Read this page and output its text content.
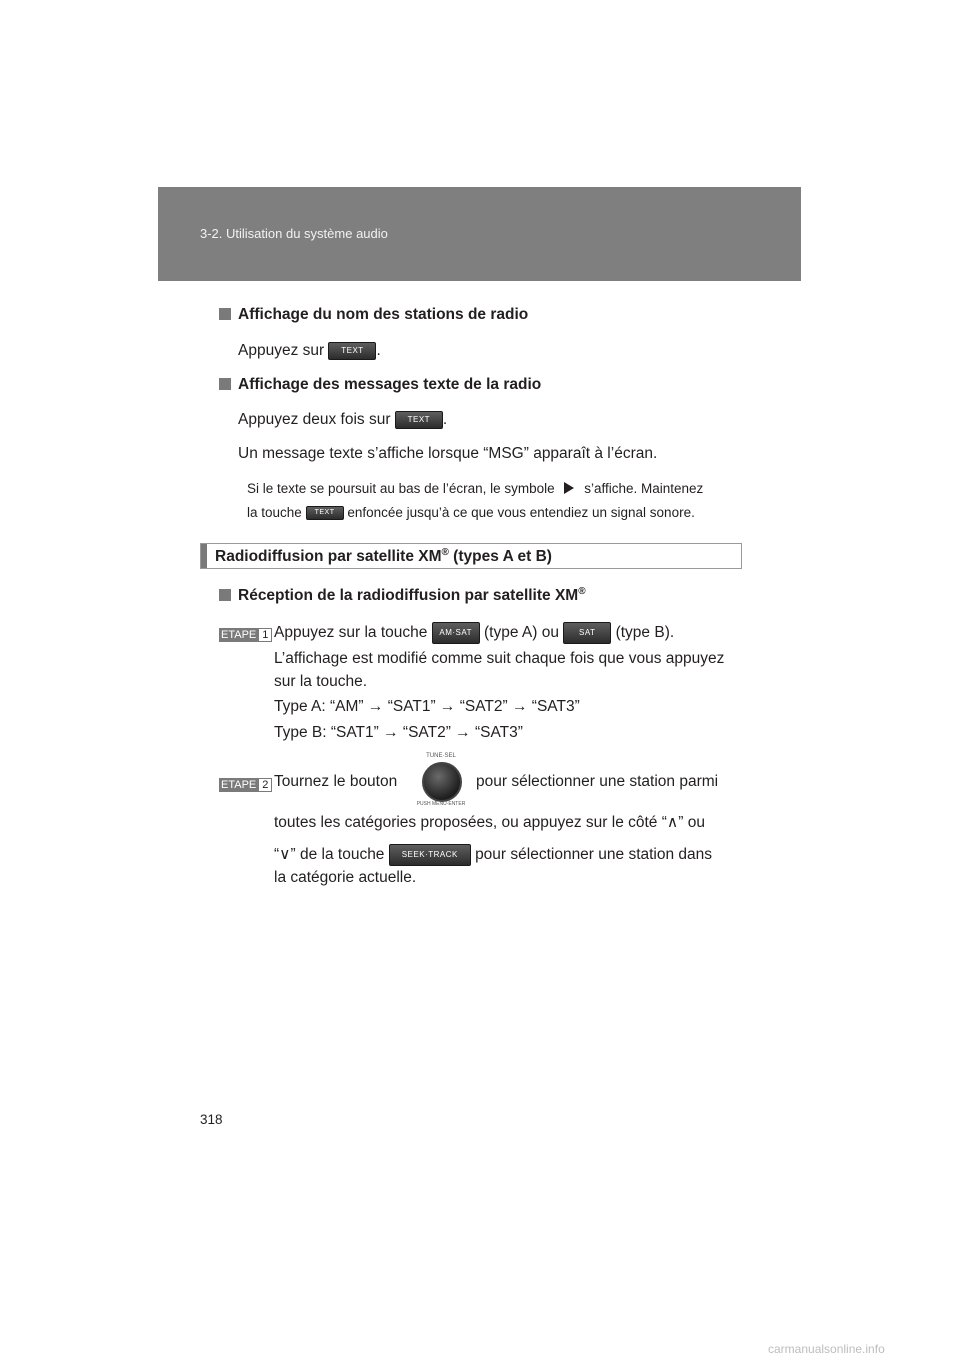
3-2. Utilisation du système audio
Affichage du nom des stations de radio
Appuyez sur TEXT .
Affichage des messages texte de la radio
Appuyez deux fois sur TEXT .
Un message texte s’affiche lorsque “MSG” apparaît à l’écran.
Si le texte se poursuit au bas de l’écran, le symbole s’affiche. Maintenez
la touche TEXT enfoncée jusqu’à ce que vous entendiez un signal sonore.
Radiodiffusion par satellite XM® (types A et B)
Réception de la radiodiffusion par satellite XM®
ETAPE 1 Appuyez sur la touche AM·SAT (type A) ou	SAT (type B).
L’affichage est modifié comme suit chaque fois que vous appuyez
sur la touche.
Type A: “AM” → “SAT1” → “SAT2” → “SAT3”
Type B: “SAT1” → “SAT2” → “SAT3”
ETAPE 2 Tournez le bouton
TUNE·SEL
PUSH MENU·ENTER
pour sélectionner une station parmi
toutes les catégories proposées, ou appuyez sur le côté “∧” ou
“∨” de la touche SEEK·TRACK pour sélectionner une station dans
la catégorie actuelle.
318
carmanualsonline.info
